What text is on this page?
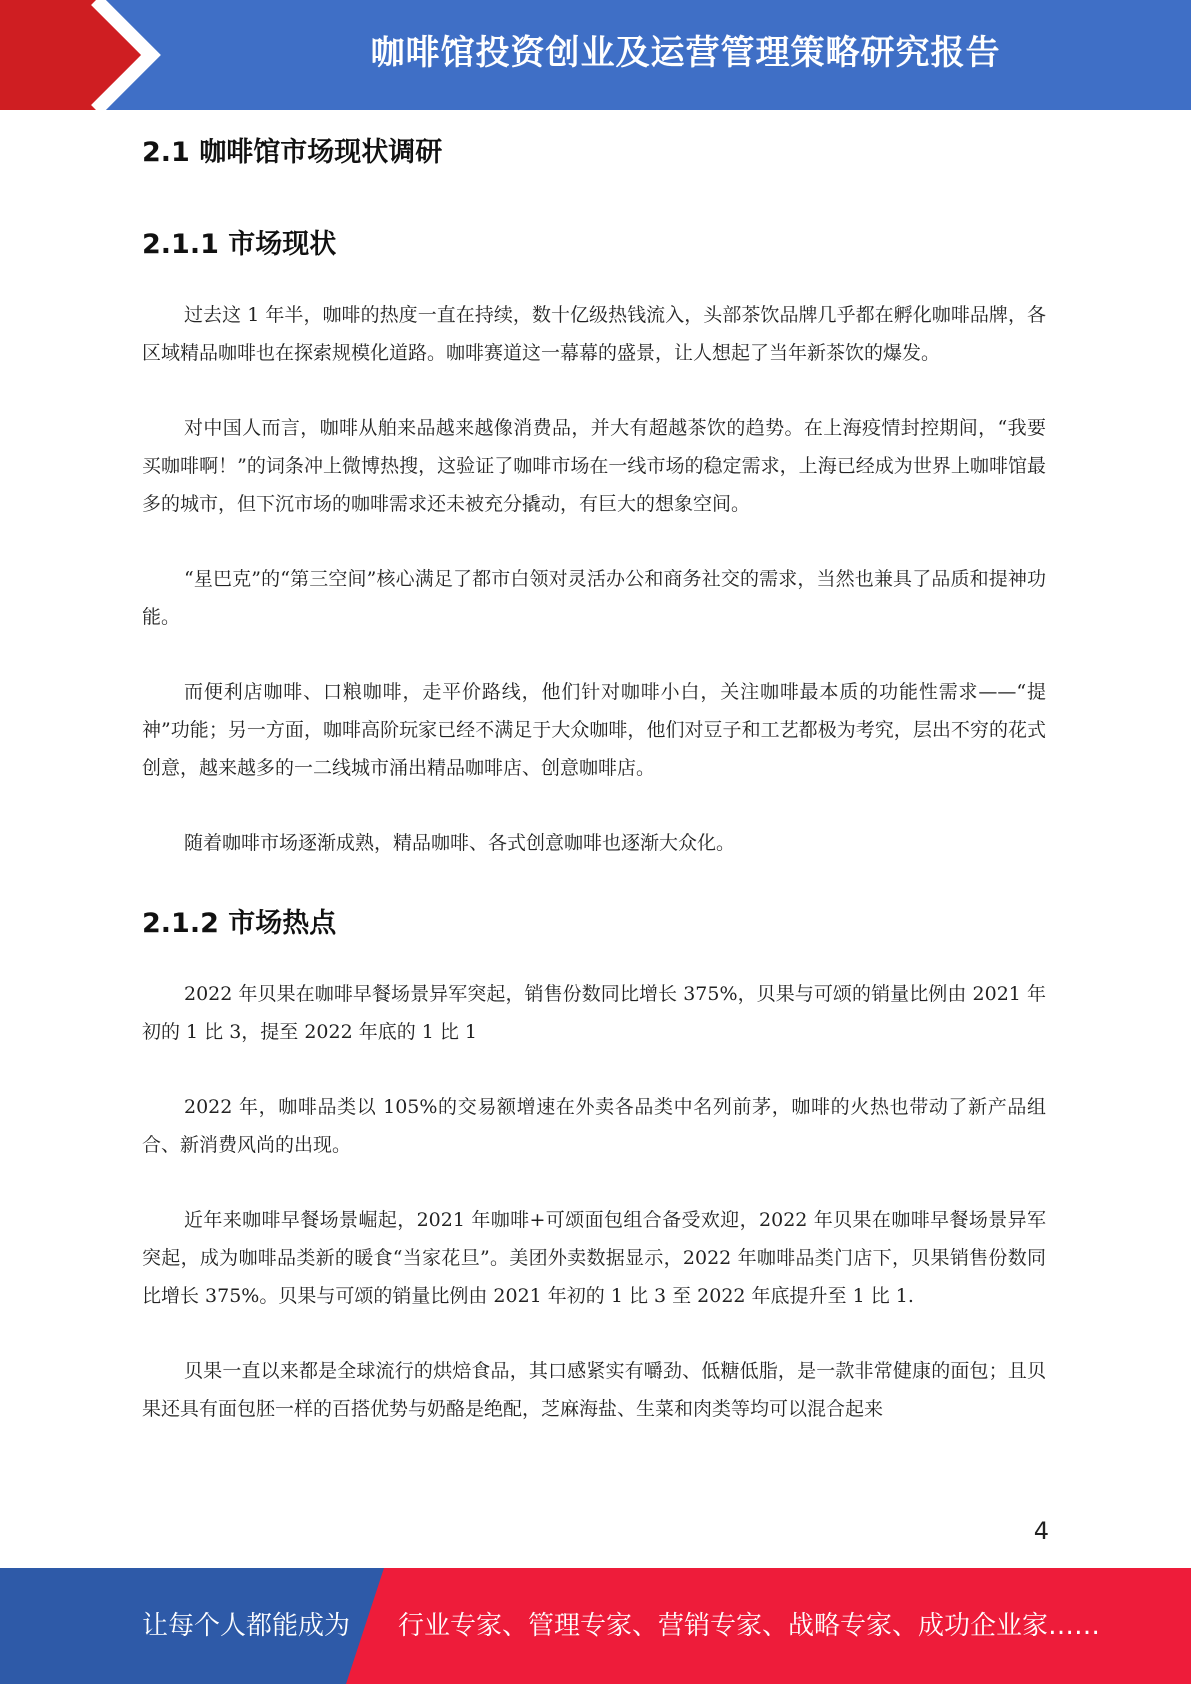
咖啡馆投资创业及运营管理策略研究报告
2.1 咖啡馆市场现状调研
2.1.1 市场现状

过去这 1 年半，咖啡的热度一直在持续，数十亿级热钱流入，头部茶饮品牌几乎都在孵化咖啡品牌，各区域精品咖啡也在探索规模化道路。咖啡赛道这一幕幕的盛景，让人想起了当年新茶饮的爆发。

对中国人而言，咖啡从舶来品越来越像消费品，并大有超越茶饮的趋势。在上海疫情封控期间，“我要买咖啡啊！”的词条冲上微博热搜，这验证了咖啡市场在一线市场的稳定需求，上海已经成为世界上咖啡馆最多的城市，但下沉市场的咖啡需求还未被充分撬动，有巨大的想象空间。

“星巴克”的“第三空间”核心满足了都市白领对灵活办公和商务社交的需求，当然也兼具了品质和提神功能。

而便利店咖啡、口粮咖啡，走平价路线，他们针对咖啡小白，关注咖啡最本质的功能性需求——“提神”功能；另一方面，咖啡高阶玩家已经不满足于大众咖啡，他们对豆子和工艺都极为考究，层出不穷的花式创意，越来越多的一二线城市涌出精品咖啡店、创意咖啡店。

随着咖啡市场逐渐成熟，精品咖啡、各式创意咖啡也逐渐大众化。

2.1.2 市场热点

2022 年贝果在咖啡早餐场景异军突起，销售份数同比增长 375%，贝果与可颂的销量比例由 2021 年初的 1 比 3，提至 2022 年底的 1 比 1

2022 年，咖啡品类以 105%的交易额增速在外卖各品类中名列前茅，咖啡的火热也带动了新产品组合、新消费风尚的出现。

近年来咖啡早餐场景崛起，2021 年咖啡+可颂面包组合备受欢迎，2022 年贝果在咖啡早餐场景异军突起，成为咖啡品类新的暖食“当家花旦”。美团外卖数据显示，2022 年咖啡品类门店下，贝果销售份数同比增长 375%。贝果与可颂的销量比例由 2021 年初的 1 比 3 至 2022 年底提升至 1 比 1.

贝果一直以来都是全球流行的烘焙食品，其口感紧实有嚼劲、低糖低脂，是一款非常健康的面包；且贝果还具有面包胚一样的百搭优势与奶酪是绝配，芝麻海盐、生菜和肉类等均可以混合起来

4
让每个人都能成为 行业专家、管理专家、营销专家、战略专家、成功企业家……
